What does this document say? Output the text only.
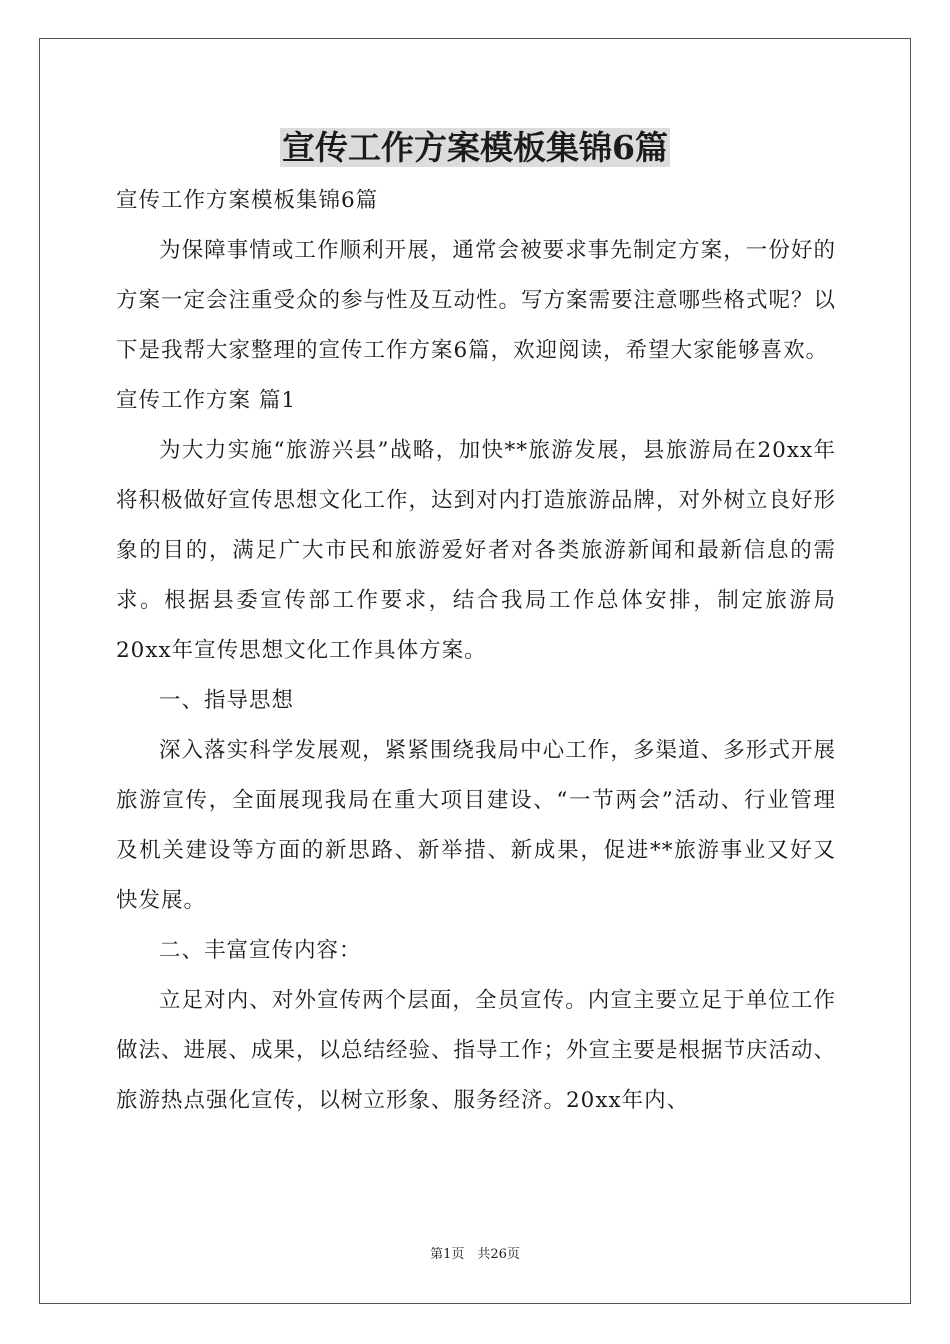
宣传工作方案模板集锦6篇

宣传工作方案模板集锦6篇

为保障事情或工作顺利开展，通常会被要求事先制定方案，一份好的方案一定会注重受众的参与性及互动性。写方案需要注意哪些格式呢？以下是我帮大家整理的宣传工作方案6篇，欢迎阅读，希望大家能够喜欢。

宣传工作方案 篇1

为大力实施“旅游兴县”战略，加快**旅游发展，县旅游局在20xx年将积极做好宣传思想文化工作，达到对内打造旅游品牌，对外树立良好形象的目的，满足广大市民和旅游爱好者对各类旅游新闻和最新信息的需求。根据县委宣传部工作要求，结合我局工作总体安排，制定旅游局20xx年宣传思想文化工作具体方案。

一、指导思想

深入落实科学发展观，紧紧围绕我局中心工作，多渠道、多形式开展旅游宣传，全面展现我局在重大项目建设、“一节两会”活动、行业管理及机关建设等方面的新思路、新举措、新成果，促进**旅游事业又好又快发展。

二、丰富宣传内容：

立足对内、对外宣传两个层面，全员宣传。内宣主要立足于单位工作做法、进展、成果，以总结经验、指导工作；外宣主要是根据节庆活动、旅游热点强化宣传，以树立形象、服务经济。20xx年内、

第1页　共26页
